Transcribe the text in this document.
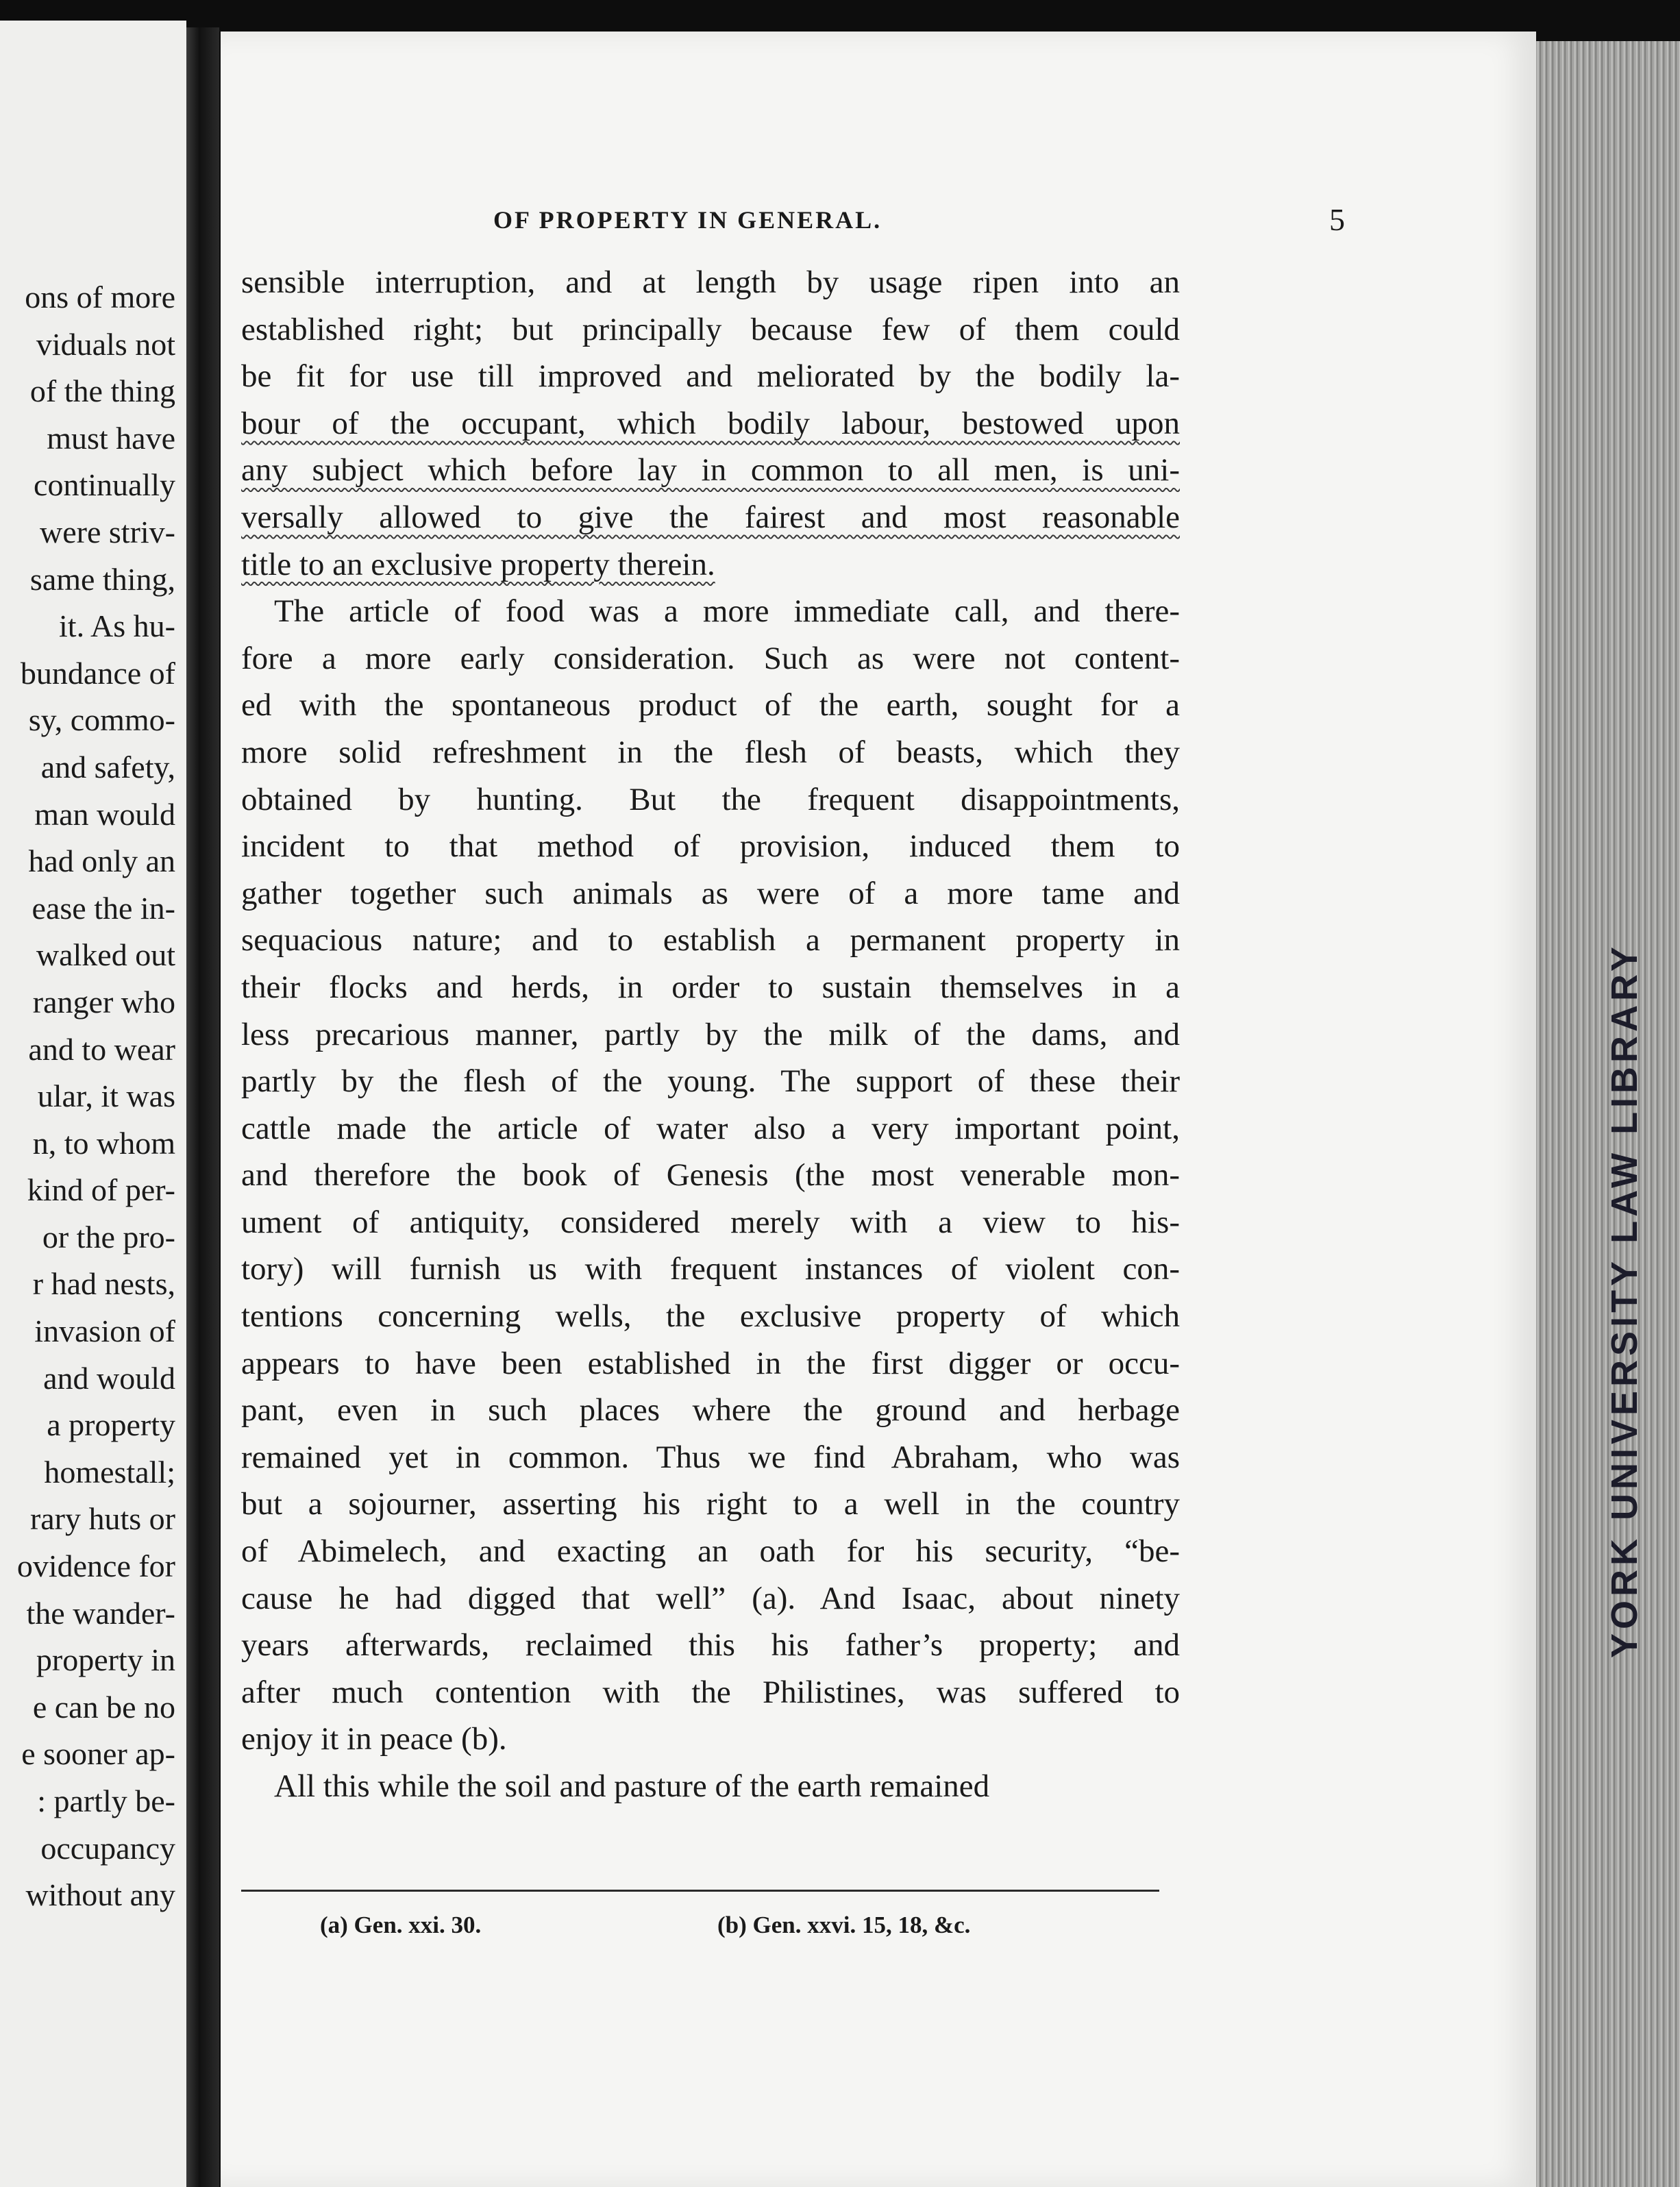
ons of more
viduals not
of the thing
must have
continually
were striv-
same thing,
it. As hu-
bundance of
sy, commo-
and safety,
man would
had only an
ease the in-
walked out
ranger who
and to wear
ular, it was
n, to whom
kind of per-
or the pro-
r had nests,
invasion of
and would
a property
homestall;
rary huts or
ovidence for
the wander-
property in
e can be no
e sooner ap-
: partly be-
occupancy
without any
OF PROPERTY IN GENERAL.	5
sensible interruption, and at length by usage ripen into an
established right; but principally because few of them could
be fit for use till improved and meliorated by the bodily la-
bour of the occupant, which bodily labour, bestowed upon
any subject which before lay in common to all men, is uni-
versally allowed to give the fairest and most reasonable
title to an exclusive property therein.
The article of food was a more immediate call, and there-
fore a more early consideration. Such as were not content-
ed with the spontaneous product of the earth, sought for a
more solid refreshment in the flesh of beasts, which they
obtained by hunting. But the frequent disappointments,
incident to that method of provision, induced them to
gather together such animals as were of a more tame and
sequacious nature; and to establish a permanent property in
their flocks and herds, in order to sustain themselves in a
less precarious manner, partly by the milk of the dams, and
partly by the flesh of the young. The support of these their
cattle made the article of water also a very important point,
and therefore the book of Genesis (the most venerable mon-
ument of antiquity, considered merely with a view to his-
tory) will furnish us with frequent instances of violent con-
tentions concerning wells, the exclusive property of which
appears to have been established in the first digger or occu-
pant, even in such places where the ground and herbage
remained yet in common. Thus we find Abraham, who was
but a sojourner, asserting his right to a well in the country
of Abimelech, and exacting an oath for his security, “be-
cause he had digged that well” (a). And Isaac, about ninety
years afterwards, reclaimed this his father’s property; and
after much contention with the Philistines, was suffered to
enjoy it in peace (b).
All this while the soil and pasture of the earth remained
(a) Gen. xxi. 30.	(b) Gen. xxvi. 15, 18, &c.
YORK UNIVERSITY LAW LIBRARY
